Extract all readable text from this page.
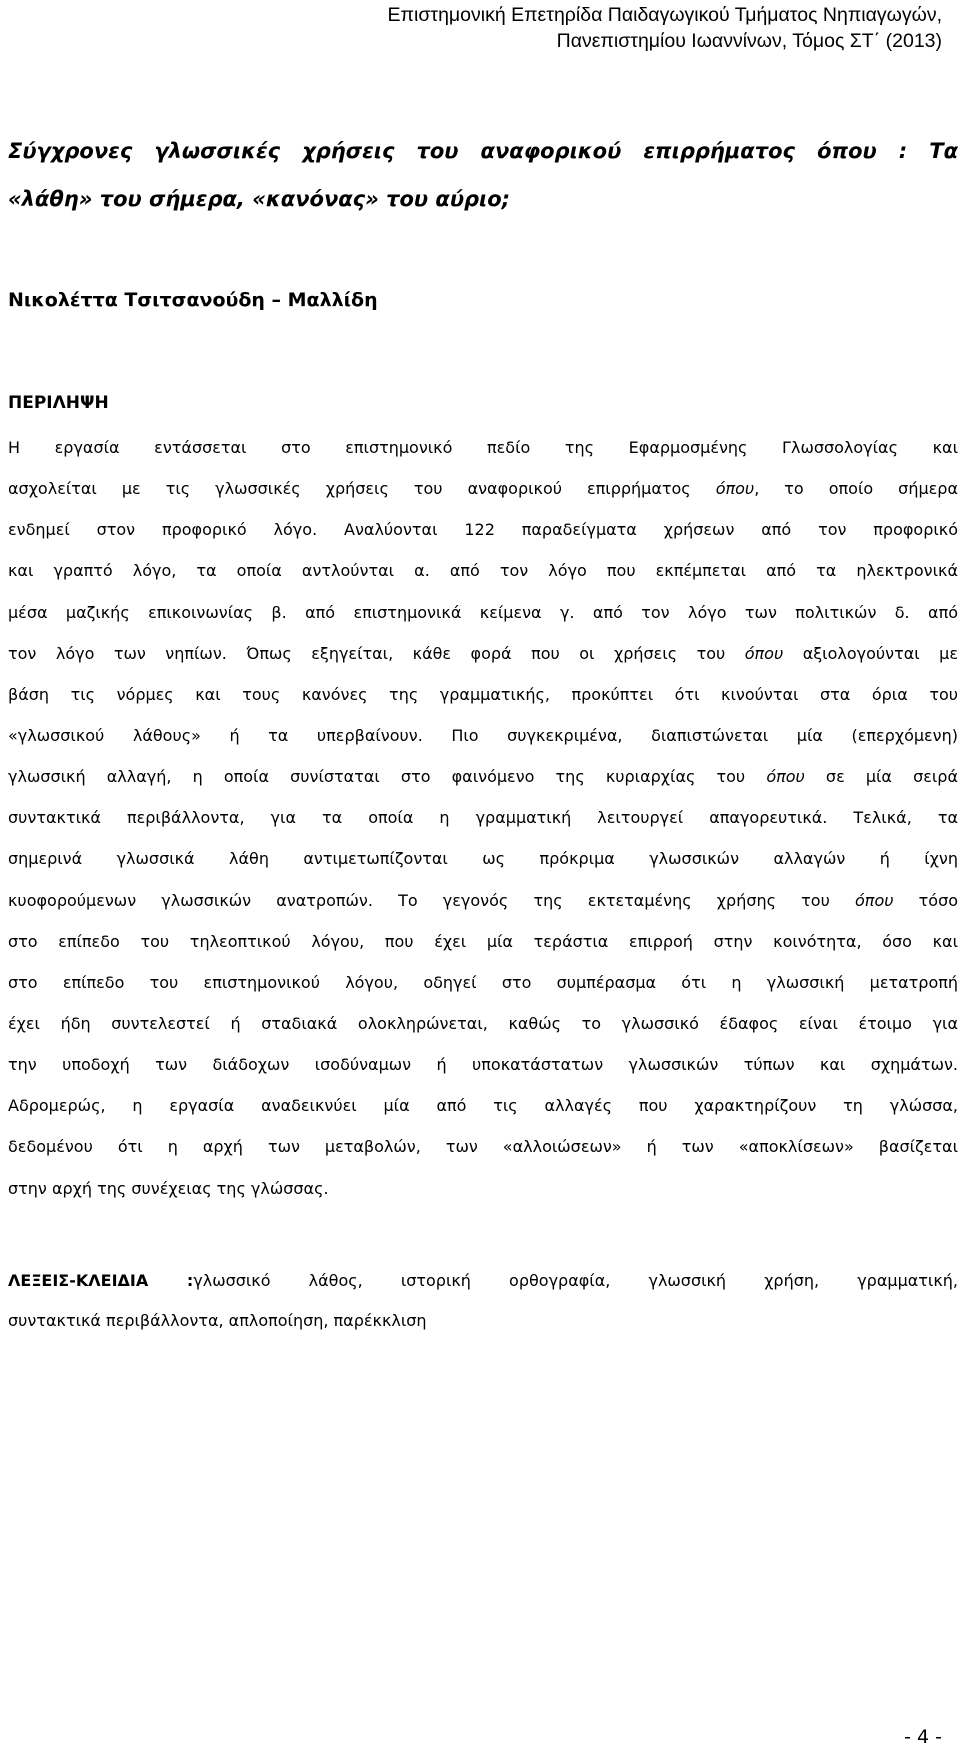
Επιστημονική Επετηρίδα Παιδαγωγικού Τμήματος Νηπιαγωγών,
Πανεπιστημίου Ιωαννίνων, Τόμος ΣΤ΄ (2013)
Σύγχρονες γλωσσικές χρήσεις του αναφορικού επιρρήματος όπου : Τα
«λάθη» του σήμερα, «κανόνας» του αύριο;

Νικολέττα Τσιτσανούδη – Μαλλίδη

ΠΕΡΙΛΗΨΗ
Η εργασία εντάσσεται στο επιστημονικό πεδίο της Εφαρμοσμένης Γλωσσολογίας και
ασχολείται με τις γλωσσικές χρήσεις του αναφορικού επιρρήματος όπου, το οποίο σήμερα
ενδημεί στον προφορικό λόγο. Αναλύονται 122 παραδείγματα χρήσεων από τον προφορικό
και γραπτό λόγο, τα οποία αντλούνται α. από τον λόγο που εκπέμπεται από τα ηλεκτρονικά
μέσα μαζικής επικοινωνίας β. από επιστημονικά κείμενα γ. από τον λόγο των πολιτικών δ. από
τον λόγο των νηπίων. Όπως εξηγείται, κάθε φορά που οι χρήσεις του όπου αξιολογούνται με
βάση τις νόρμες και τους κανόνες της γραμματικής, προκύπτει ότι κινούνται στα όρια του
«γλωσσικού λάθους» ή τα υπερβαίνουν. Πιο συγκεκριμένα, διαπιστώνεται μία (επερχόμενη)
γλωσσική αλλαγή, η οποία συνίσταται στο φαινόμενο της κυριαρχίας του όπου σε μία σειρά
συντακτικά περιβάλλοντα, για τα οποία η γραμματική λειτουργεί απαγορευτικά. Τελικά, τα
σημερινά γλωσσικά λάθη αντιμετωπίζονται ως πρόκριμα γλωσσικών αλλαγών ή ίχνη
κυοφορούμενων γλωσσικών ανατροπών. Το γεγονός της εκτεταμένης χρήσης του όπου τόσο
στο επίπεδο του τηλεοπτικού λόγου, που έχει μία τεράστια επιρροή στην κοινότητα, όσο και
στο επίπεδο του επιστημονικού λόγου, οδηγεί στο συμπέρασμα ότι η γλωσσική μετατροπή
έχει ήδη συντελεστεί ή σταδιακά ολοκληρώνεται, καθώς το γλωσσικό έδαφος είναι έτοιμο για
την υποδοχή των διάδοχων ισοδύναμων ή υποκατάστατων γλωσσικών τύπων και σχημάτων.
Αδρομερώς, η εργασία αναδεικνύει μία από τις αλλαγές που χαρακτηρίζουν τη γλώσσα,
δεδομένου ότι η αρχή των μεταβολών, των «αλλοιώσεων» ή των «αποκλίσεων» βασίζεται
στην αρχή της συνέχειας της γλώσσας.
ΛΕΞΕΙΣ-ΚΛΕΙΔΙΑ :γλωσσικό λάθος, ιστορική ορθογραφία, γλωσσική χρήση, γραμματική,
συντακτικά περιβάλλοντα, απλοποίηση, παρέκκλιση
- 4 -
